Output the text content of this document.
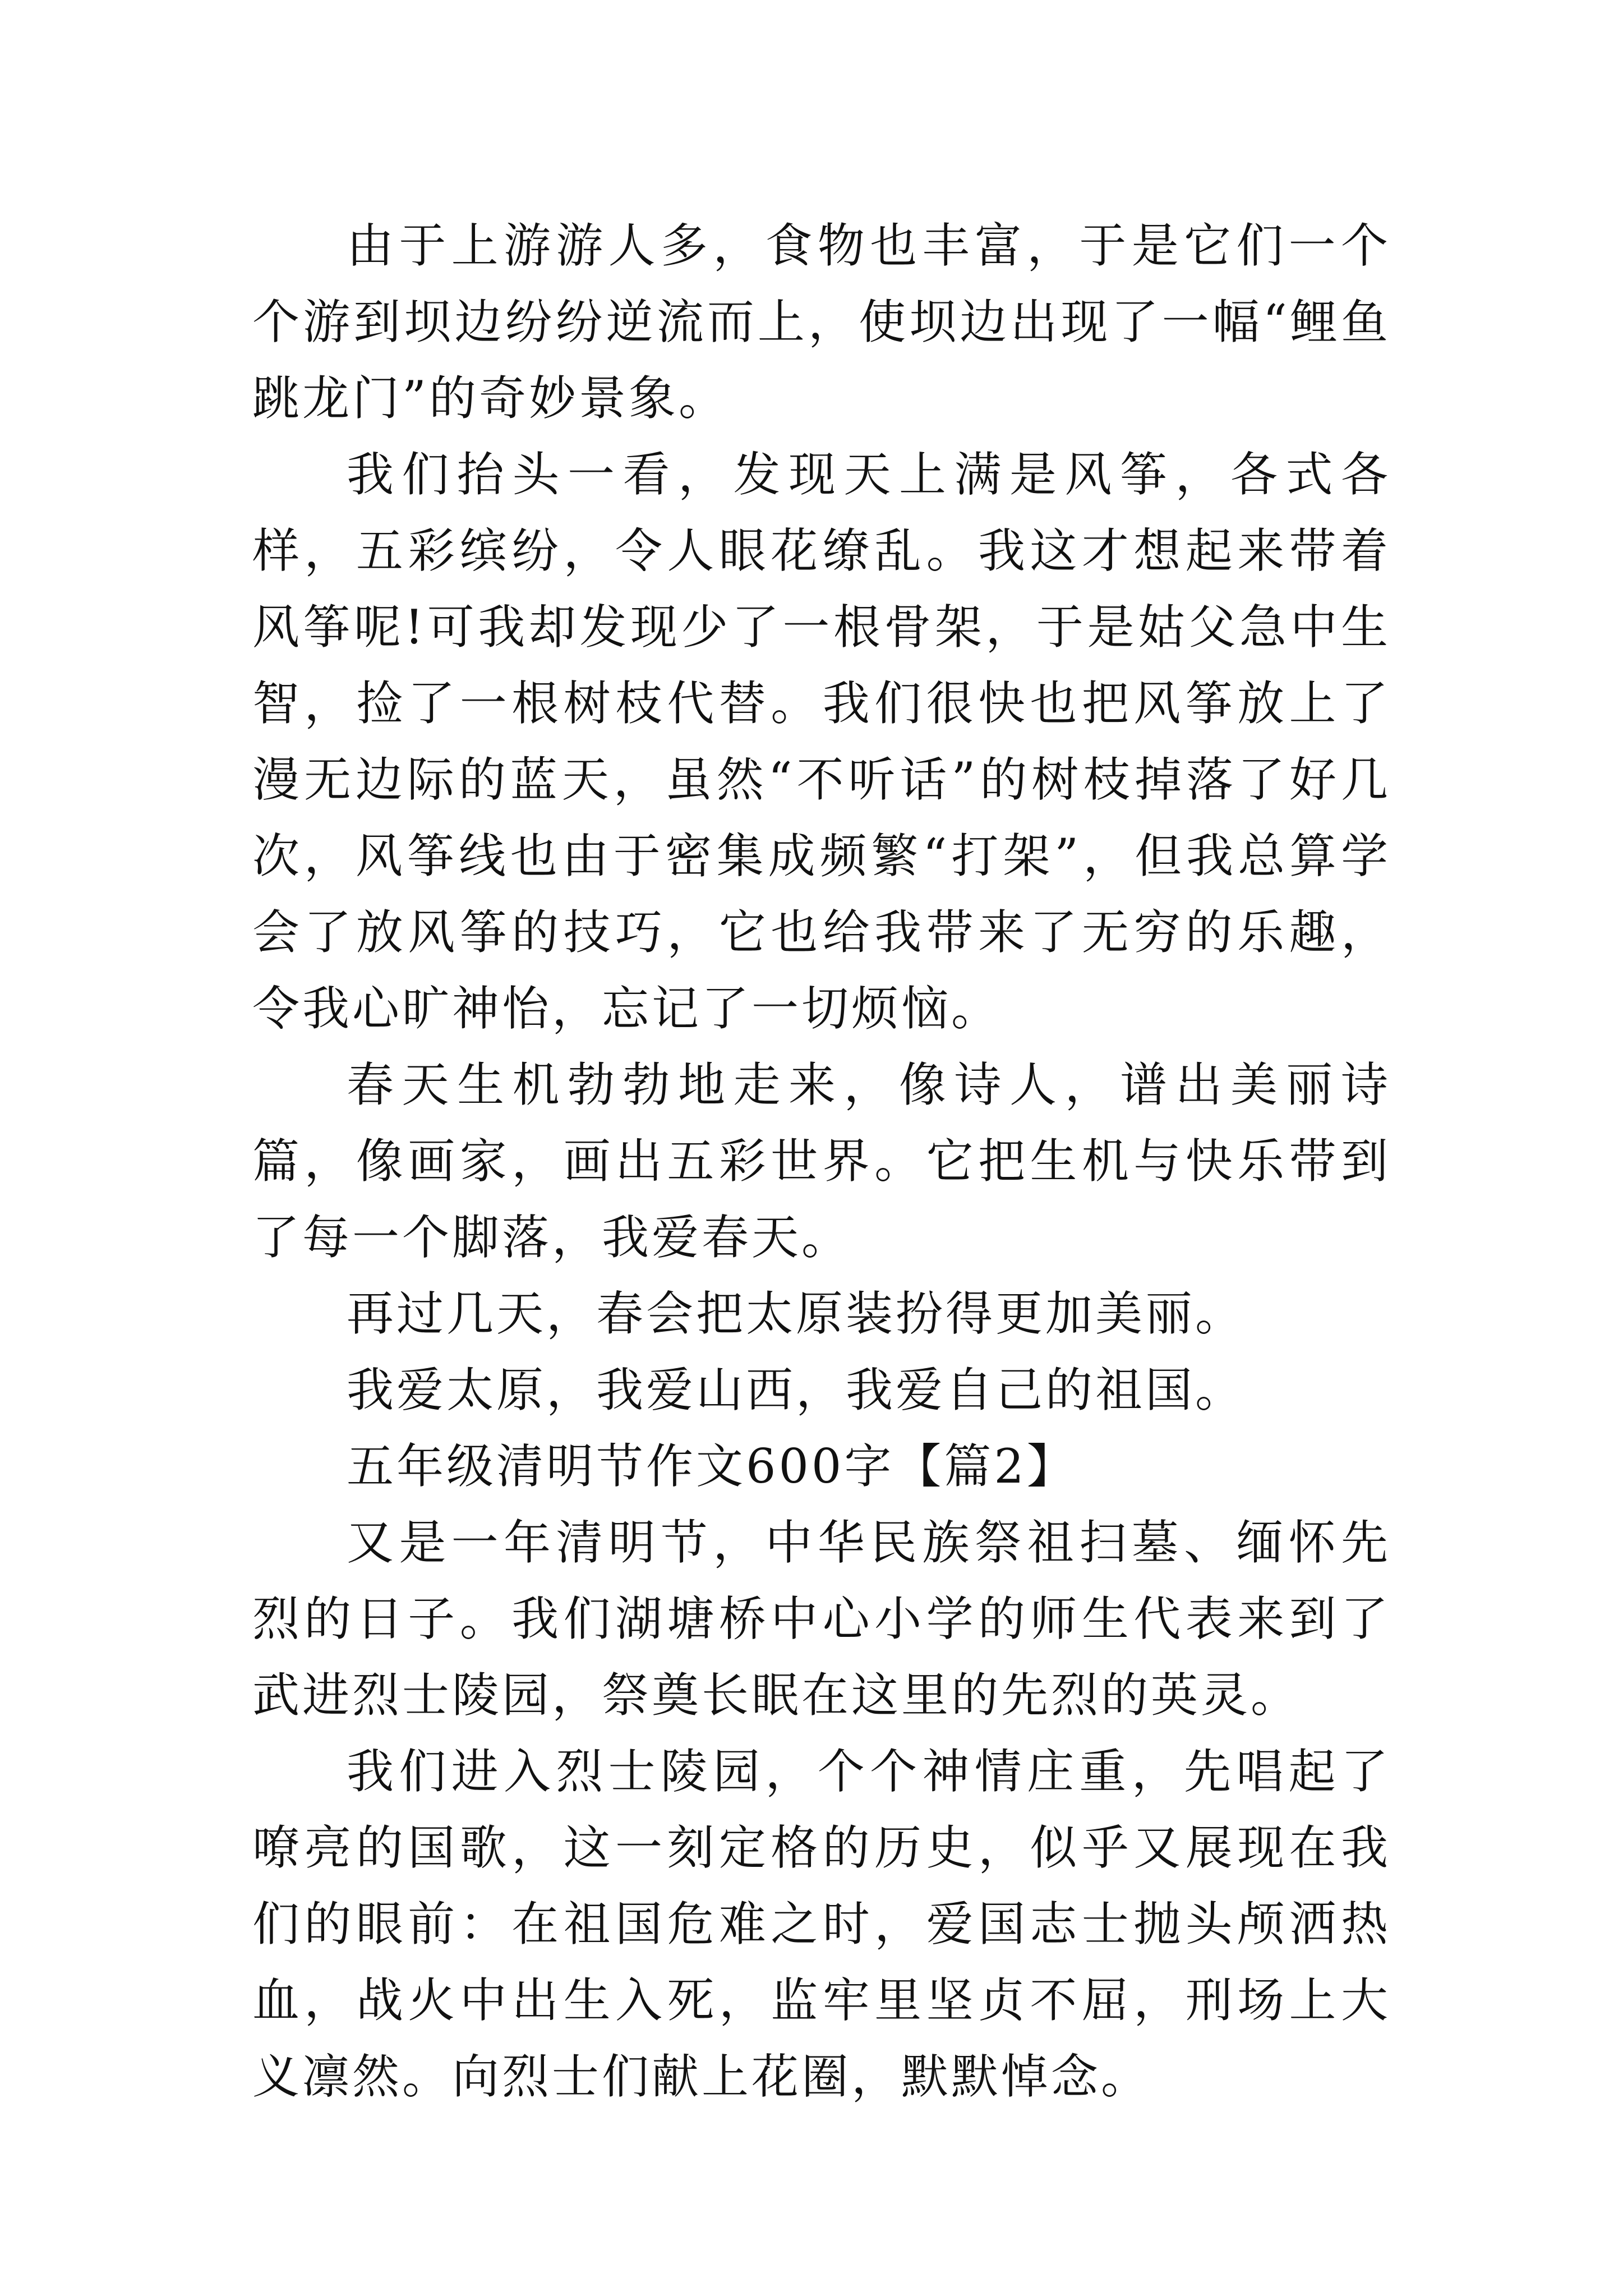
由于上游游人多，食物也丰富，于是它们一个个游到坝边纷纷逆流而上，使坝边出现了一幅“鲤鱼跳龙门”的奇妙景象。

我们抬头一看，发现天上满是风筝，各式各样，五彩缤纷，令人眼花缭乱。我这才想起来带着风筝呢!可我却发现少了一根骨架，于是姑父急中生智，捡了一根树枝代替。我们很快也把风筝放上了漫无边际的蓝天，虽然“不听话”的树枝掉落了好几次，风筝线也由于密集成频繁“打架”，但我总算学会了放风筝的技巧，它也给我带来了无穷的乐趣，令我心旷神怡，忘记了一切烦恼。

春天生机勃勃地走来，像诗人，谱出美丽诗篇，像画家，画出五彩世界。它把生机与快乐带到了每一个脚落，我爱春天。

再过几天，春会把太原装扮得更加美丽。

我爱太原，我爱山西，我爱自己的祖国。

五年级清明节作文600字【篇2】

又是一年清明节，中华民族祭祖扫墓、缅怀先烈的日子。我们湖塘桥中心小学的师生代表来到了武进烈士陵园，祭奠长眠在这里的先烈的英灵。

我们进入烈士陵园，个个神情庄重，先唱起了嘹亮的国歌，这一刻定格的历史，似乎又展现在我们的眼前：在祖国危难之时，爱国志士抛头颅洒热血，战火中出生入死，监牢里坚贞不屈，刑场上大义凛然。向烈士们献上花圈，默默悼念。
